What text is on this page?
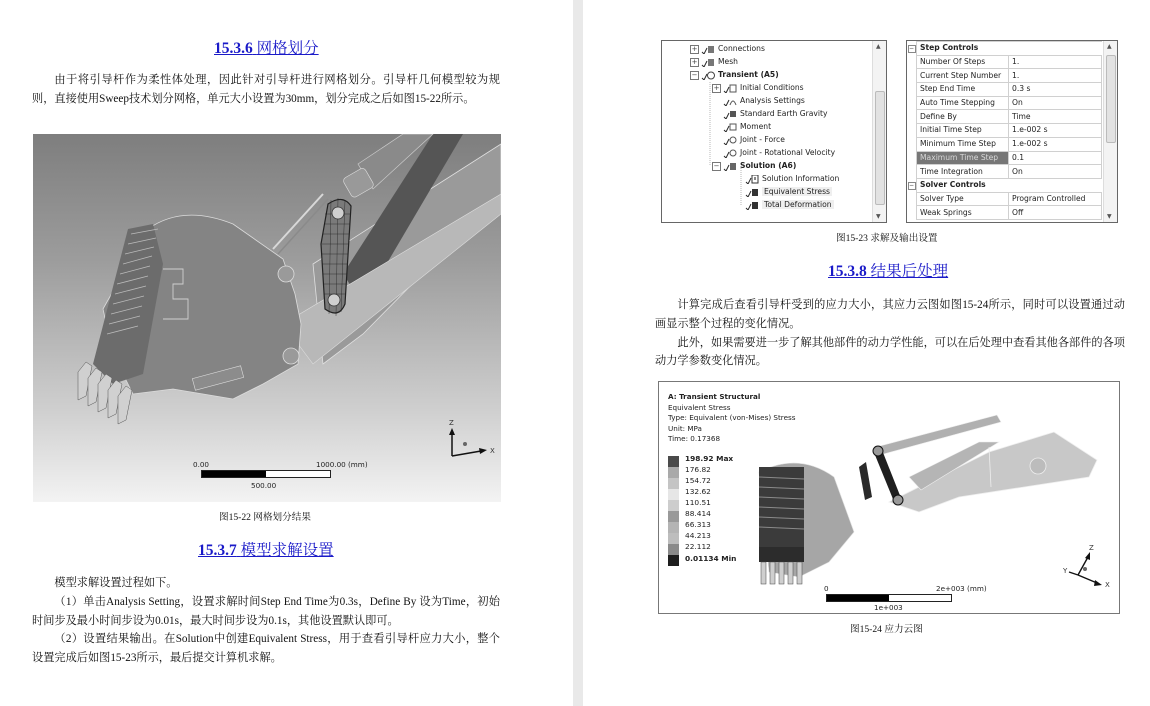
15.3.6 网格划分

由于将引导杆作为柔性体处理，因此针对引导杆进行网格划分。引导杆几何模型较为规则，直接使用Sweep技术划分网格，单元大小设置为30mm，划分完成之后如图15-22所示。

0.00	1000.00 (mm)
500.00
Z
X
图15-22 网格划分结果
15.3.7 模型求解设置

模型求解设置过程如下。

（1）单击Analysis Setting，设置求解时间Step End Time为0.3s，Define By 设为Time，初始时间步及最小时间步设为0.01s，最大时间步设为0.1s，其他设置默认即可。

（2）设置结果输出。在Solution中创建Equivalent Stress，用于查看引导杆应力大小，整个设置完成后如图15-23所示，最后提交计算机求解。

+	Connections
+	Mesh
−	Transient (A5)
+	Initial Conditions
Analysis Settings
Standard Earth Gravity
Moment
Joint - Force
Joint - Rotational Velocity
−	Solution (A6)
Solution Information
Equivalent Stress
Total Deformation
▲
▼
−	Step Controls	
	Number Of Steps	1.
	Current Step Number	1.
	Step End Time	0.3 s
	Auto Time Stepping	On
	Define By	Time
	Initial Time Step	1.e-002 s
	Minimum Time Step	1.e-002 s
	Maximum Time Step	0.1
	Time Integration	On
−	Solver Controls	
	Solver Type	Program Controlled
	Weak Springs	Off
▲
▼
图15-23 求解及输出设置
15.3.8 结果后处理

计算完成后查看引导杆受到的应力大小，其应力云图如图15-24所示，同时可以设置通过动画显示整个过程的变化情况。

此外，如果需要进一步了解其他部件的动力学性能，可以在后处理中查看其他各部件的各项动力学参数变化情况。

A: Transient Structural
Equivalent Stress
Type: Equivalent (von-Mises) Stress
Unit: MPa
Time: 0.17368
198.92 Max
176.82
154.72
132.62
110.51
88.414
66.313
44.213
22.112
0.01134 Min
0	2e+003 (mm)
1e+003
Z
X
Y
图15-24 应力云图
